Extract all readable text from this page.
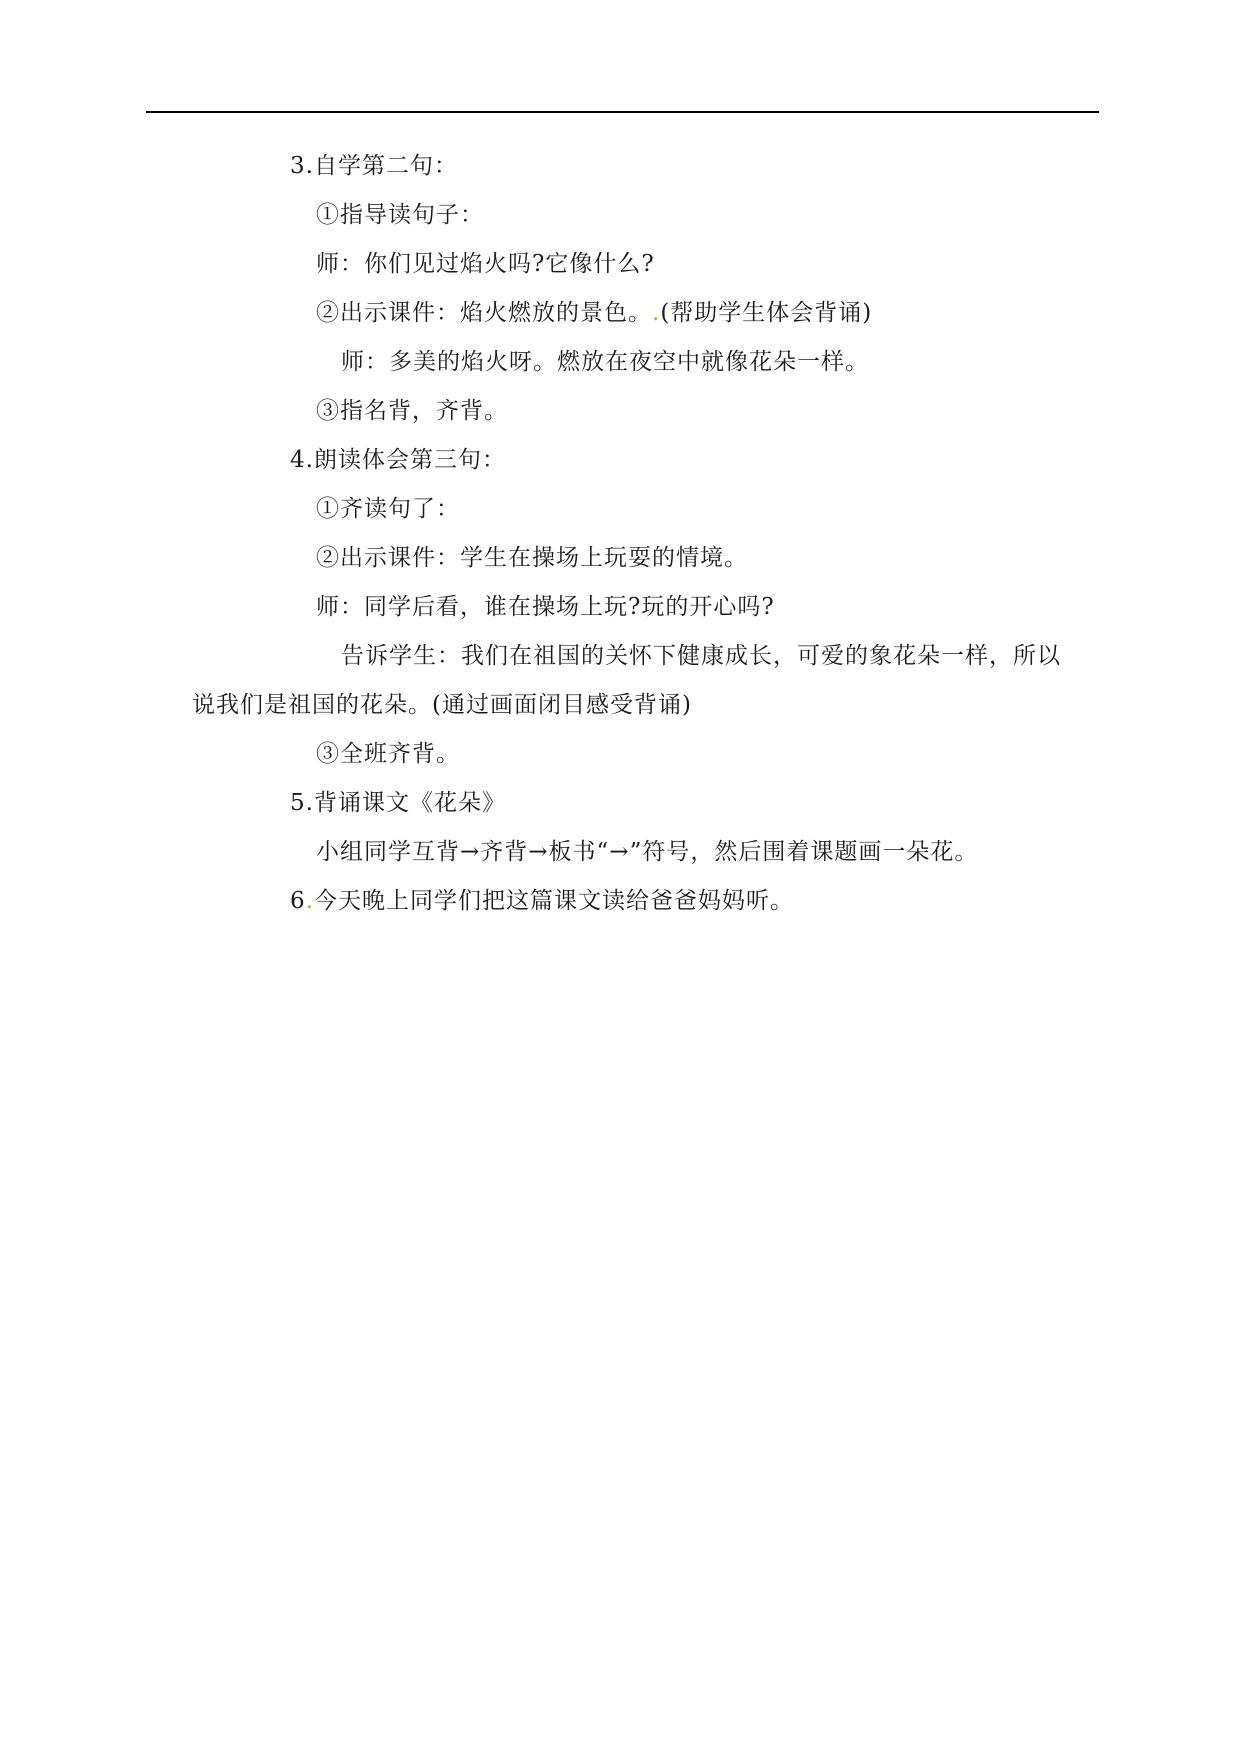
3.自学第二句：
①指导读句子：
师：你们见过焰火吗?它像什么?
②出示课件：焰火燃放的景色。.(帮助学生体会背诵)
师：多美的焰火呀。燃放在夜空中就像花朵一样。
③指名背，齐背。
4.朗读体会第三句：
①齐读句了：
②出示课件：学生在操场上玩耍的情境。
师：同学后看，谁在操场上玩?玩的开心吗?
告诉学生：我们在祖国的关怀下健康成长，可爱的象花朵一样，所以
说我们是祖国的花朵。(通过画面闭目感受背诵)
③全班齐背。
5.背诵课文《花朵》
小组同学互背→齐背→板书“→”符号，然后围着课题画一朵花。
6.今天晚上同学们把这篇课文读给爸爸妈妈听。
